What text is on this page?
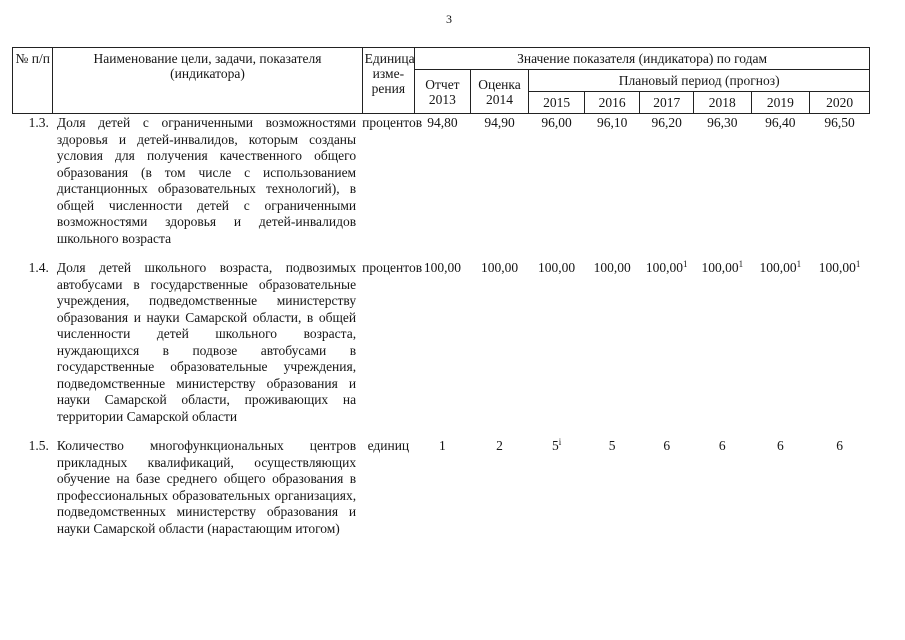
3
№ п/п	Наименование цели, задачи, показателя (индикатора)	Единица изме- рения	Значение показателя (индикатора) по годам							
			Отчет 2013	Оценка 2014	Плановый период (прогноз)					
					2015	2016	2017	2018	2019	2020
1.3.	Доля детей с ограниченными возможностями здоровья и детей-инвалидов, которым созданы условия для получения качественного общего образования (в том числе с использованием дистанционных образовательных технологий), в общей численности детей с ограниченными возможностями здоровья и детей-инвалидов школьного возраста	процентов	94,80	94,90	96,00	96,10	96,20	96,30	96,40	96,50
1.4.	Доля детей школьного возраста, подвозимых автобусами в государственные образовательные учреждения, подведомственные министерству образования и науки Самарской области, в общей численности детей школьного возраста, нуждающихся в подвозе автобусами в государственные образовательные учреждения, подведомственные министерству образования и науки Самарской области, проживающих на территории Самарской области	процентов	100,00	100,00	100,00	100,00	100,00$^1$	100,00$^1$	100,00$^1$	100,00$^1$
1.5.	Количество многофункциональных центров прикладных квалификаций, осуществляющих обучение на базе среднего общего образования в профессиональных образовательных организациях, подведомственных министерству образования и науки Самарской области (нарастающим итогом)	единиц	1	2	5$^i$	5	6	6	6	6
